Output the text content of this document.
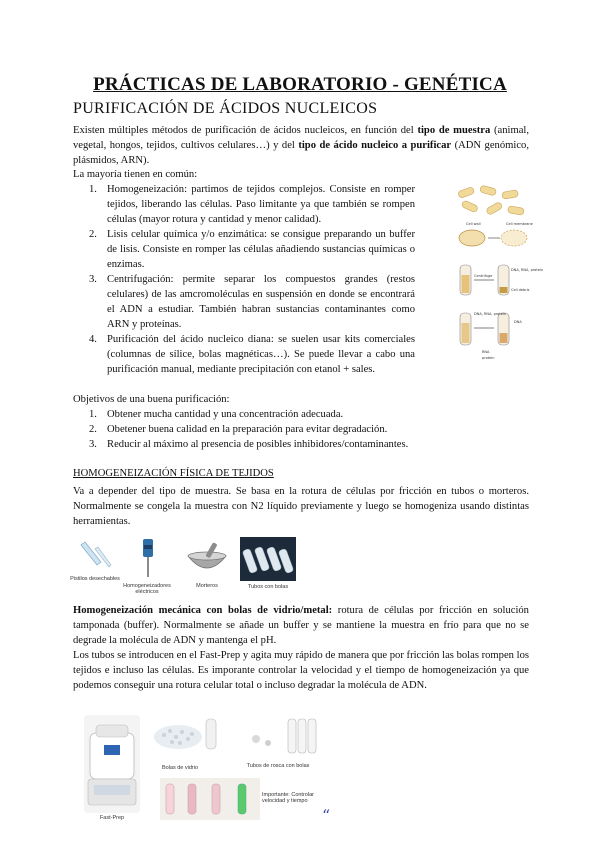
PRÁCTICAS DE LABORATORIO - GENÉTICA
PURIFICACIÓN DE ÁCIDOS NUCLEICOS

Existen múltiples métodos de purificación de ácidos nucleicos, en función del tipo de muestra (animal, vegetal, hongos, tejidos, cultivos celulares…) y del tipo de ácido nucleico a purificar (ADN genómico, plásmidos, ARN).

La mayoría tienen en común:

1. Homogeneización: partimos de tejidos complejos. Consiste en romper tejidos, liberando las células. Paso limitante ya que también se rompen células (mayor rotura y cantidad y menor calidad).
2. Lisis celular química y/o enzimática: se consigue preparando un buffer de lisis. Consiste en romper las células añadiendo sustancias químicas o enzimas.
3. Centrifugación: permite separar los compuestos grandes (restos celulares) de las amcromoléculas en suspensión en donde se encontrará el ADN a estudiar. También habran sustancias contaminantes como ARN y proteínas.
4. Purificación del ácido nucleico diana: se suelen usar kits comerciales (columnas de sílice, bolas magnéticas…). Se puede llevar a cabo una purificación manual, mediante precipitación con etanol + sales.
Cell wall	Cell membrane
Centrifuge
DNA, RNA, protein
Cell debris
DNA, RNA, protein
DNA
RNA
protein

Objetivos de una buena purificación:

1. Obtener mucha cantidad y una concentración adecuada.
2. Obetener buena calidad en la preparación para evitar degradación.
3. Reducir al máximo al presencia de posibles inhibidores/contaminantes.

HOMOGENEIZACIÓN FÍSICA DE TEJIDOS

Va a depender del tipo de muestra. Se basa en la rotura de células por fricción en tubos o morteros. Normalmente se congela la muestra con N2 líquido previamente y luego se homogeniza usando distintas herramientas.

Pistilos desechables
Homogeneizadores eléctricos
Morteros	Tubos con bolas

Homogeneización mecánica con bolas de vidrio/metal: rotura de células por fricción en solución tamponada (buffer). Normalmente se añade un buffer y se mantiene la muestra en frío para que no se degrade la molécula de ADN y mantenga el pH.

Los tubos se introducen en el Fast-Prep y agita muy rápido de manera que por fricción las bolas rompen los tejidos e incluso las células. Es imporante controlar la velocidad y el tiempo de homogeneización ya que podemos conseguir una rotura celular total o incluso degradar la molécula de ADN.

Fast-Prep
Bolas de vidrio	Tubos de rosca con bolas
Importante: Controlar velocidad y tiempo
“
